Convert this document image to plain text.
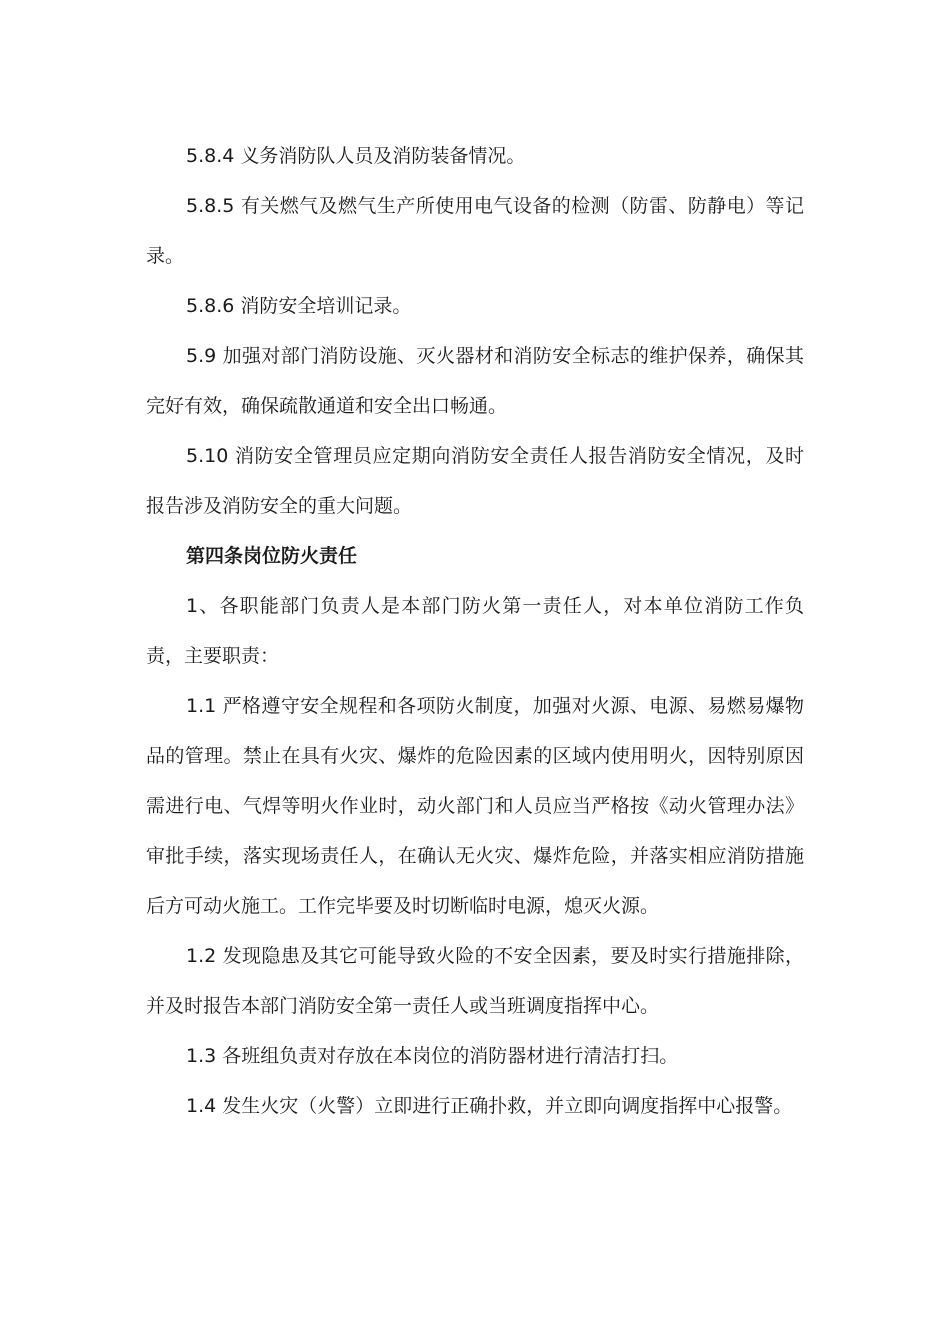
5.8.4 义务消防队人员及消防装备情况。

5.8.5 有关燃气及燃气生产所使用电气设备的检测（防雷、防静电）等记录。

5.8.6 消防安全培训记录。

5.9 加强对部门消防设施、灭火器材和消防安全标志的维护保养，确保其完好有效，确保疏散通道和安全出口畅通。

5.10 消防安全管理员应定期向消防安全责任人报告消防安全情况，及时报告涉及消防安全的重大问题。

第四条岗位防火责任

1、各职能部门负责人是本部门防火第一责任人，对本单位消防工作负责，主要职责：

1.1 严格遵守安全规程和各项防火制度，加强对火源、电源、易燃易爆物品的管理。禁止在具有火灾、爆炸的危险因素的区域内使用明火，因特别原因需进行电、气焊等明火作业时，动火部门和人员应当严格按《动火管理办法》审批手续，落实现场责任人，在确认无火灾、爆炸危险，并落实相应消防措施后方可动火施工。工作完毕要及时切断临时电源，熄灭火源。

1.2 发现隐患及其它可能导致火险的不安全因素，要及时实行措施排除，并及时报告本部门消防安全第一责任人或当班调度指挥中心。

1.3 各班组负责对存放在本岗位的消防器材进行清洁打扫。

1.4 发生火灾（火警）立即进行正确扑救，并立即向调度指挥中心报警。
